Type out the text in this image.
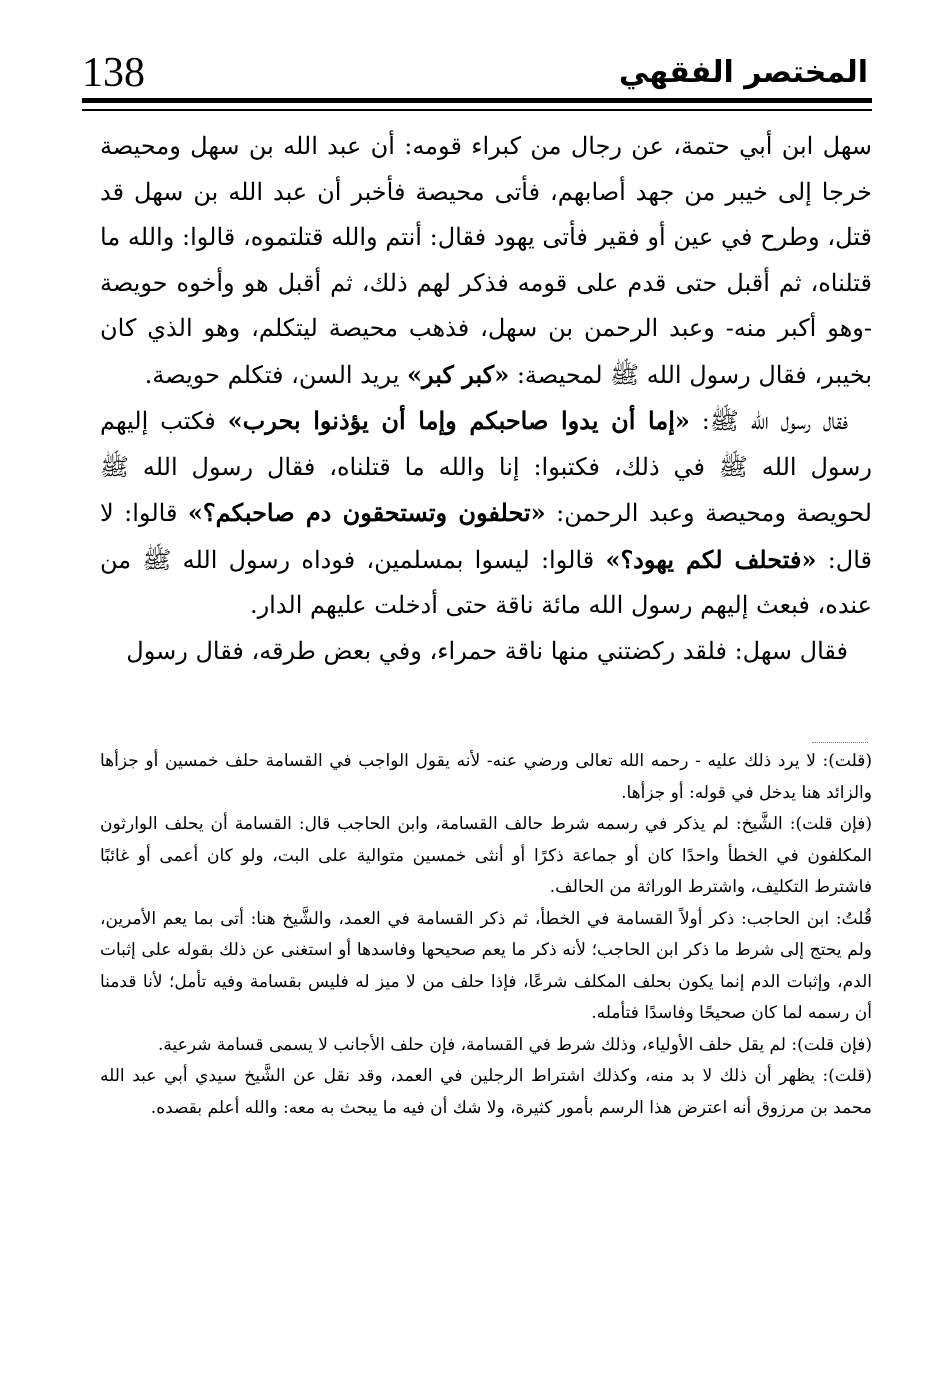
138	المختصر الفقهي

سهل ابن أبي حتمة، عن رجال من كبراء قومه: أن عبد الله بن سهل ومحيصة خرجا إلى خيبر من جهد أصابهم، فأتى محيصة فأخبر أن عبد الله بن سهل قد قتل، وطرح في عين أو فقير فأتى يهود فقال: أنتم والله قتلتموه، قالوا: والله ما قتلناه، ثم أقبل حتى قدم على قومه فذكر لهم ذلك، ثم أقبل هو وأخوه حويصة -وهو أكبر منه- وعبد الرحمن بن سهل، فذهب محيصة ليتكلم، وهو الذي كان بخيبر، فقال رسول الله ﷺ لمحيصة: «كبر كبر» يريد السن، فتكلم حويصة.

فقال رسول الله ﷺ: «إما أن يدوا صاحبكم وإما أن يؤذنوا بحرب» فكتب إليهم رسول الله ﷺ في ذلك، فكتبوا: إنا والله ما قتلناه، فقال رسول الله ﷺ لحويصة ومحيصة وعبد الرحمن: «تحلفون وتستحقون دم صاحبكم؟» قالوا: لا قال: «فتحلف لكم يهود؟» قالوا: ليسوا بمسلمين، فوداه رسول الله ﷺ من عنده، فبعث إليهم رسول الله مائة ناقة حتى أدخلت عليهم الدار.

فقال سهل: فلقد ركضتني منها ناقة حمراء، وفي بعض طرقه، فقال رسول

(قلت): لا يرد ذلك عليه - رحمه الله تعالى ورضي عنه- لأنه يقول الواجب في القسامة حلف خمسين أو جزأها والزائد هنا يدخل في قوله: أو جزأها.

(فإن قلت): الشَّيخ: لم يذكر في رسمه شرط حالف القسامة، وابن الحاجب قال: القسامة أن يحلف الوارثون المكلفون في الخطأ واحدًا كان أو جماعة ذكرًا أو أنثى خمسين متوالية على البت، ولو كان أعمى أو غائبًا فاشترط التكليف، واشترط الوراثة من الحالف.

قُلتُ: ابن الحاجب: ذكر أولاً القسامة في الخطأ، ثم ذكر القسامة في العمد، والشَّيخ هنا: أتى بما يعم الأمرين، ولم يحتج إلى شرط ما ذكر ابن الحاجب؛ لأنه ذكر ما يعم صحيحها وفاسدها أو استغنى عن ذلك بقوله على إثبات الدم، وإثبات الدم إنما يكون بحلف المكلف شرعًا، فإذا حلف من لا ميز له فليس بقسامة وفيه تأمل؛ لأنا قدمنا أن رسمه لما كان صحيحًا وفاسدًا فتأمله.

(فإن قلت): لم يقل حلف الأولياء، وذلك شرط في القسامة، فإن حلف الأجانب لا يسمى قسامة شرعية.

(قلت): يظهر أن ذلك لا بد منه، وكذلك اشتراط الرجلين في العمد، وقد نقل عن الشَّيخ سيدي أبي عبد الله محمد بن مرزوق أنه اعترض هذا الرسم بأمور كثيرة، ولا شك أن فيه ما يبحث به معه: والله أعلم بقصده.
